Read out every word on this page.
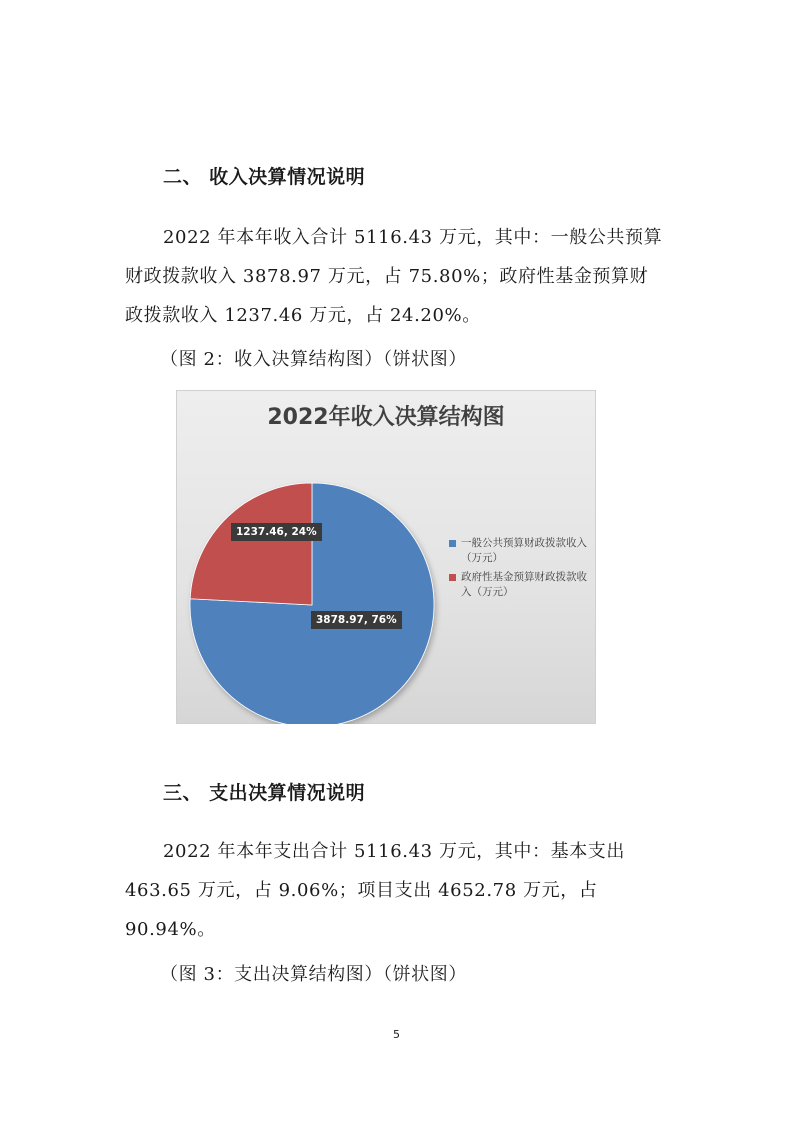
二、 收入决算情况说明

2022 年本年收入合计 5116.43 万元，其中：一般公共预算财政拨款收入 3878.97 万元，占 75.80%；政府性基金预算财政拨款收入 1237.46 万元，占 24.20%。

（图 2：收入决算结构图）（饼状图）
2022年收入决算结构图
1237.46, 24%
3878.97, 76%
一般公共预算财政拨款收入（万元）
政府性基金预算财政拨款收入（万元）
三、 支出决算情况说明

2022 年本年支出合计 5116.43 万元，其中：基本支出 463.65 万元，占 9.06%；项目支出 4652.78 万元，占 90.94%。

（图 3：支出决算结构图）（饼状图）
5
